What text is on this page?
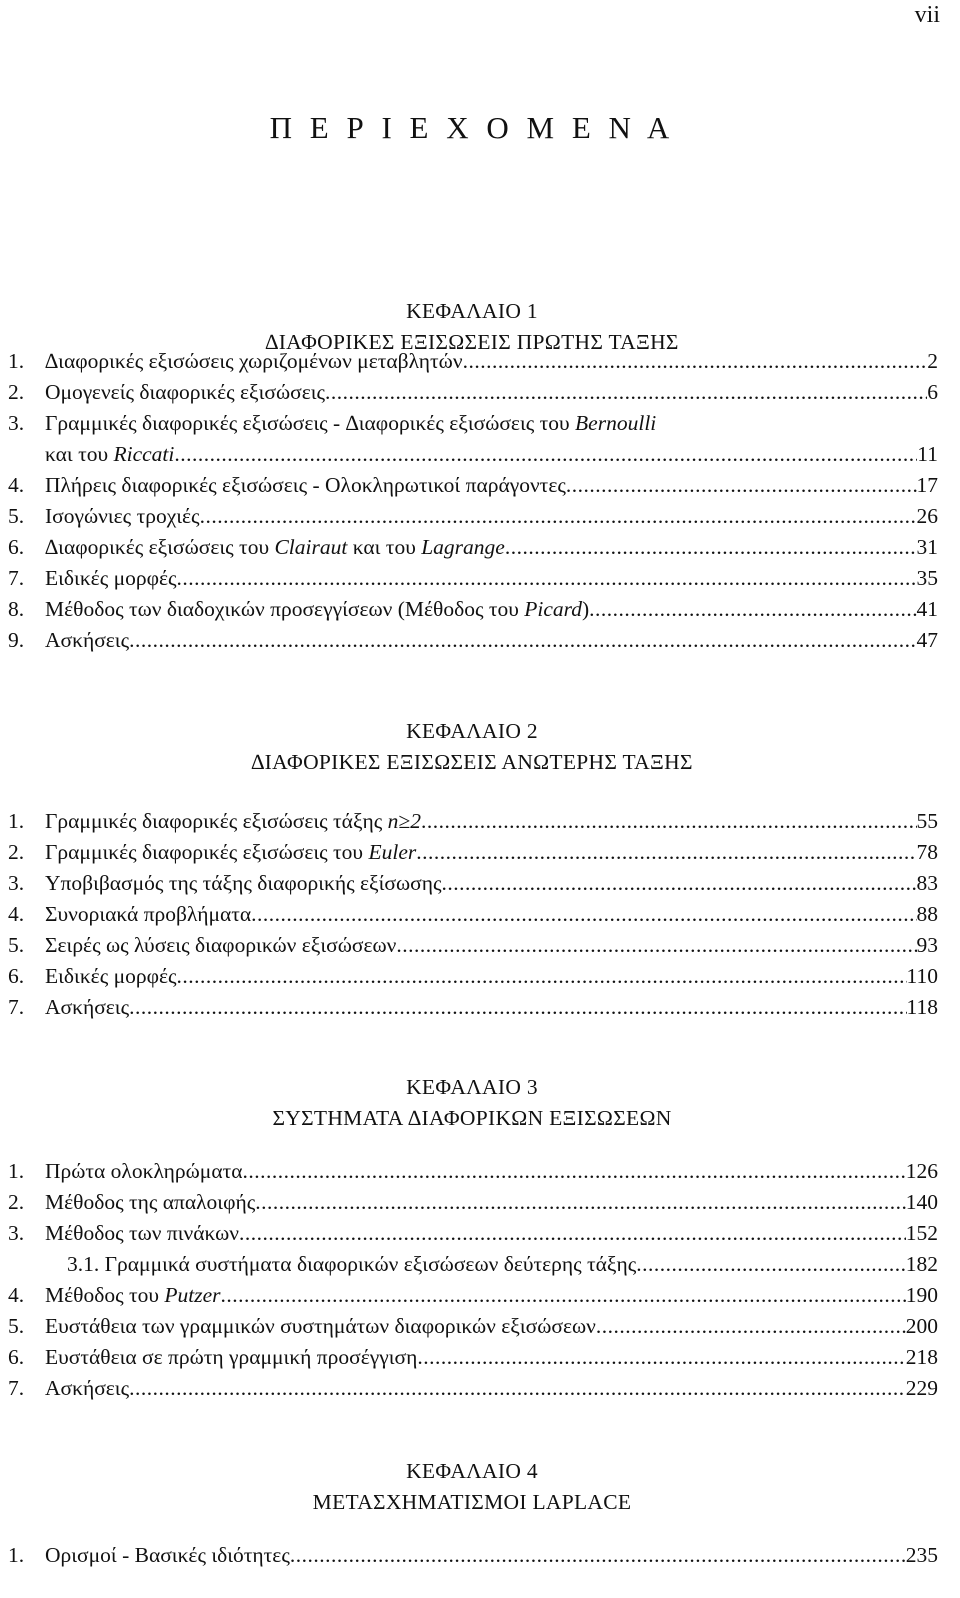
vii
Π Ε Ρ Ι Ε Χ Ο Μ Ε Ν Α
ΚΕΦΑΛΑΙΟ 1
∆ΙΑΦΟΡΙΚΕΣ ΕΞΙΣΩΣΕΙΣ ΠΡΩΤΗΣ ΤΑΞΗΣ
1. ∆ιαφορικές εξισώσεις χωριζομένων μεταβλητών .....	2
2. Ομογενείς διαφορικές εξισώσεις .....	6
3. Γραμμικές διαφορικές εξισώσεις - ∆ιαφορικές εξισώσεις του Bernoulli
και του Riccati .....	11
4. Πλήρεις διαφορικές εξισώσεις - Ολοκληρωτικοί παράγοντες .....	17
5. Ισογώνιες τροχιές .....	26
6. ∆ιαφορικές εξισώσεις του Clairaut και του Lagrange .....	31
7. Ειδικές μορφές .....	35
8. Μέθοδος των διαδοχικών προσεγγίσεων (Μέθοδος του Picard) .....	41
9. Ασκήσεις .....	47
ΚΕΦΑΛΑΙΟ 2
∆ΙΑΦΟΡΙΚΕΣ ΕΞΙΣΩΣΕΙΣ ΑΝΩΤΕΡΗΣ ΤΑΞΗΣ
1. Γραμμικές διαφορικές εξισώσεις τάξης n≥2 .....	55
2. Γραμμικές διαφορικές εξισώσεις του Euler .....	78
3. Υποβιβασμός της τάξης διαφορικής εξίσωσης .....	83
4. Συνοριακά προβλήματα .....	88
5. Σειρές ως λύσεις διαφορικών εξισώσεων .....	93
6. Ειδικές μορφές .....	110
7. Ασκήσεις .....	118
ΚΕΦΑΛΑΙΟ 3
ΣΥΣΤΗΜΑΤΑ ∆ΙΑΦΟΡΙΚΩΝ ΕΞΙΣΩΣΕΩΝ
1. Πρώτα ολοκληρώματα .....	126
2. Μέθοδος της απαλοιφής .....	140
3. Μέθοδος των πινάκων .....	152
3.1. Γραμμικά συστήματα διαφορικών εξισώσεων δεύτερης τάξης .....	182
4. Μέθοδος του Putzer .....	190
5. Ευστάθεια των γραμμικών συστημάτων διαφορικών εξισώσεων .....	200
6. Ευστάθεια σε πρώτη γραμμική προσέγγιση .....	218
7. Ασκήσεις .....	229
ΚΕΦΑΛΑΙΟ 4
ΜΕΤΑΣΧΗΜΑΤΙΣΜΟΙ LAPLACE
1. Ορισμοί - Βασικές ιδιότητες .....	235
